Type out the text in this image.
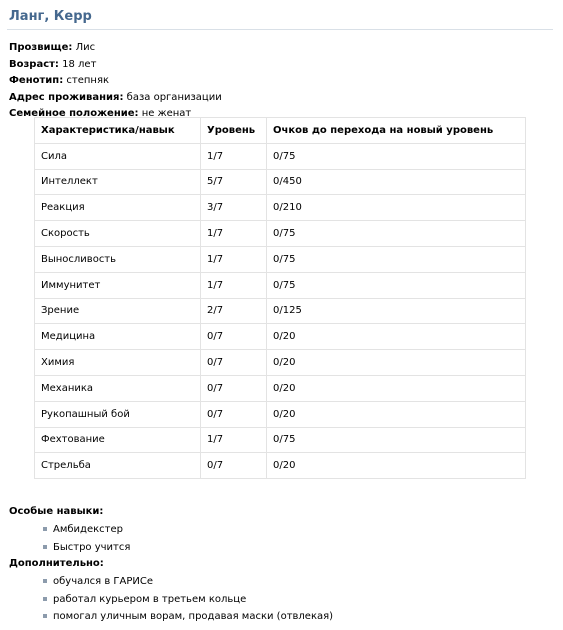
Ланг, Керр
Прозвище: Лис
Возраст: 18 лет
Фенотип: степняк
Адрес проживания: база организации
Семейное положение: не женат
Характеристика/навык	Уровень	Очков до перехода на новый уровень
Сила	1/7	0/75
Интеллект	5/7	0/450
Реакция	3/7	0/210
Скорость	1/7	0/75
Выносливость	1/7	0/75
Иммунитет	1/7	0/75
Зрение	2/7	0/125
Медицина	0/7	0/20
Химия	0/7	0/20
Механика	0/7	0/20
Рукопашный бой	0/7	0/20
Фехтование	1/7	0/75
Стрельба	0/7	0/20
Особые навыки:
Амбидекстер
Быстро учится
Дополнительно:
обучался в ГАРИСе
работал курьером в третьем кольце
помогал уличным ворам, продавая маски (отвлекая)
